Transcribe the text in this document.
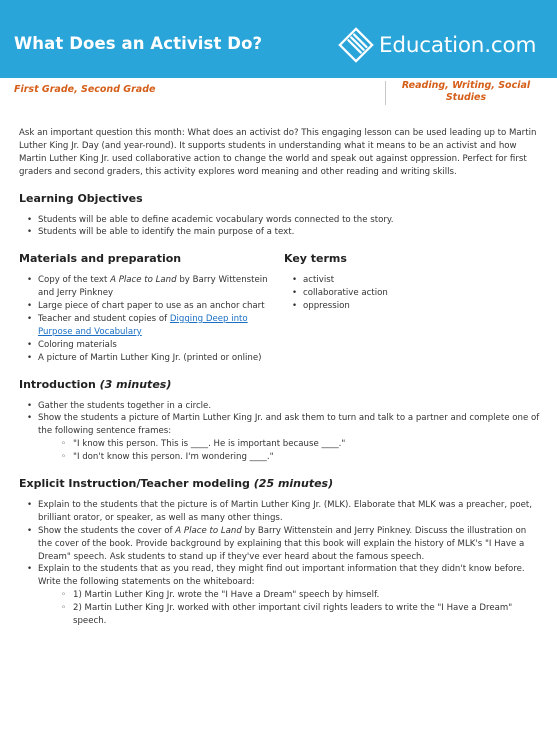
What Does an Activist Do?	Education.com
First Grade, Second Grade	Reading, Writing, Social Studies

Ask an important question this month: What does an activist do? This engaging lesson can be used leading up to Martin Luther King Jr. Day (and year-round). It supports students in understanding what it means to be an activist and how Martin Luther King Jr. used collaborative action to change the world and speak out against oppression. Perfect for first graders and second graders, this activity explores word meaning and other reading and writing skills.

Learning Objectives
• Students will be able to define academic vocabulary words connected to the story.
• Students will be able to identify the main purpose of a text.
Materials and preparation
• Copy of the text A Place to Land by Barry Wittenstein and Jerry Pinkney
• Large piece of chart paper to use as an anchor chart
• Teacher and student copies of Digging Deep into Purpose and Vocabulary
• Coloring materials
• A picture of Martin Luther King Jr. (printed or online)
Key terms
• activist
• collaborative action
• oppression
Introduction (3 minutes)
• Gather the students together in a circle.
• Show the students a picture of Martin Luther King Jr. and ask them to turn and talk to a partner and complete one of the following sentence frames:
◦ "I know this person. This is ____. He is important because ____."
◦ "I don't know this person. I'm wondering ____."
Explicit Instruction/Teacher modeling (25 minutes)
• Explain to the students that the picture is of Martin Luther King Jr. (MLK). Elaborate that MLK was a preacher, poet, brilliant orator, or speaker, as well as many other things.
• Show the students the cover of A Place to Land by Barry Wittenstein and Jerry Pinkney. Discuss the illustration on the cover of the book. Provide background by explaining that this book will explain the history of MLK's "I Have a Dream" speech. Ask students to stand up if they've ever heard about the famous speech.
• Explain to the students that as you read, they might find out important information that they didn't know before. Write the following statements on the whiteboard:
◦ 1) Martin Luther King Jr. wrote the "I Have a Dream" speech by himself.
◦ 2) Martin Luther King Jr. worked with other important civil rights leaders to write the "I Have a Dream" speech.
